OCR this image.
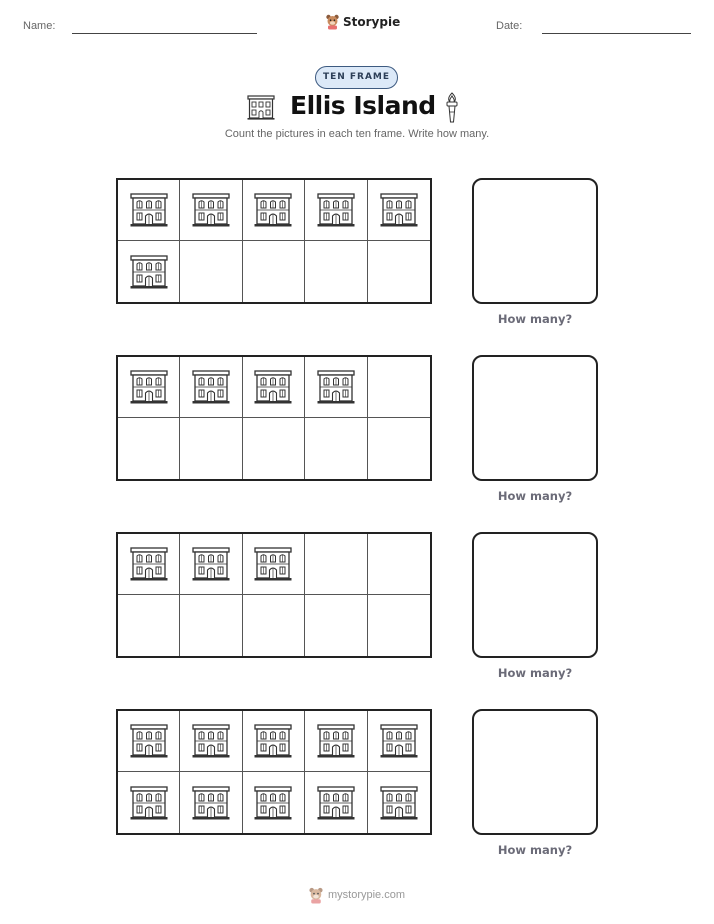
Name:	Storypie	Date:
TEN FRAME
Ellis Island
Count the pictures in each ten frame. Write how many.
How many?
How many?
How many?
How many?
mystorypie.com
